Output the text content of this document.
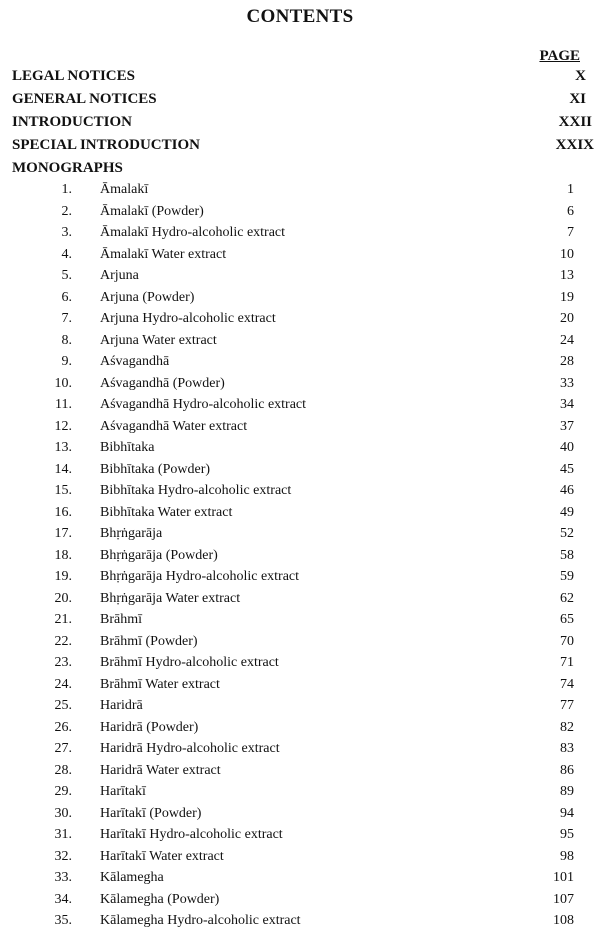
CONTENTS
PAGE
LEGAL NOTICES	X
GENERAL NOTICES	XI
INTRODUCTION	XXII
SPECIAL INTRODUCTION	XXIX
MONOGRAPHS
1. Āmalakī	1
2. Āmalakī (Powder)	6
3. Āmalakī Hydro-alcoholic extract	7
4. Āmalakī Water extract	10
5. Arjuna	13
6. Arjuna (Powder)	19
7. Arjuna Hydro-alcoholic extract	20
8. Arjuna Water extract	24
9. Aśvagandhā	28
10. Aśvagandhā (Powder)	33
11. Aśvagandhā Hydro-alcoholic extract	34
12. Aśvagandhā Water extract	37
13. Bibhītaka	40
14. Bibhītaka (Powder)	45
15. Bibhītaka Hydro-alcoholic extract	46
16. Bibhītaka Water extract	49
17. Bhṛṅgarāja	52
18. Bhṛṅgarāja (Powder)	58
19. Bhṛṅgarāja Hydro-alcoholic extract	59
20. Bhṛṅgarāja Water extract	62
21. Brāhmī	65
22. Brāhmī (Powder)	70
23. Brāhmī Hydro-alcoholic extract	71
24. Brāhmī Water extract	74
25. Haridrā	77
26. Haridrā (Powder)	82
27. Haridrā Hydro-alcoholic extract	83
28. Haridrā Water extract	86
29. Harītakī	89
30. Harītakī (Powder)	94
31. Harītakī Hydro-alcoholic extract	95
32. Harītakī Water extract	98
33. Kālamegha	101
34. Kālamegha (Powder)	107
35. Kālamegha Hydro-alcoholic extract	108
